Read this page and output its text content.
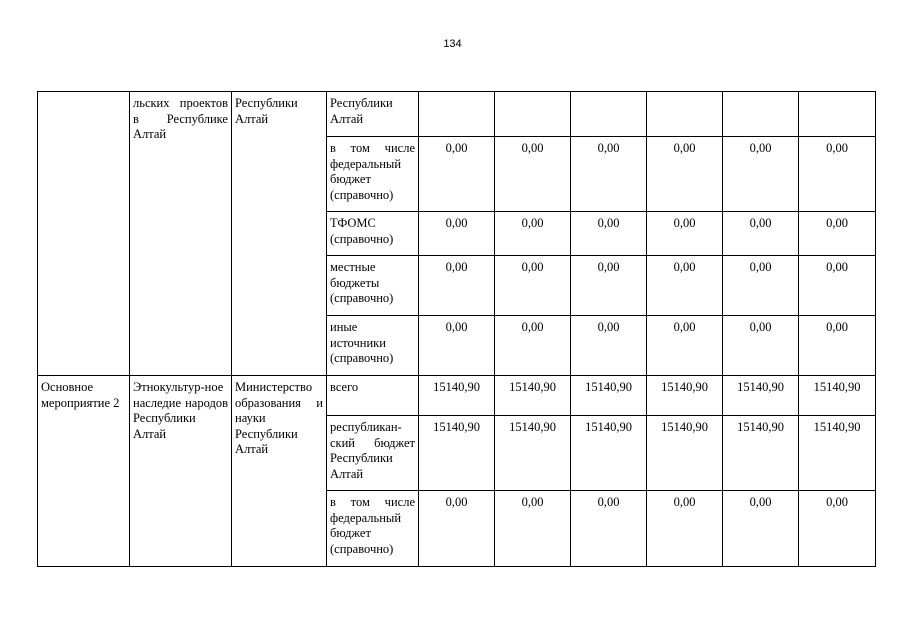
134
	льских проектов в Республике Алтай	Республики Алтай	Республики Алтай						
			в том числе федеральный бюджет (справочно)	0,00	0,00	0,00	0,00	0,00	0,00
			ТФОМС (справочно)	0,00	0,00	0,00	0,00	0,00	0,00
			местные бюджеты (справочно)	0,00	0,00	0,00	0,00	0,00	0,00
			иные источники (справочно)	0,00	0,00	0,00	0,00	0,00	0,00
Основное мероприятие 2	Этнокультур-ное наследие народов Республики Алтай	Министерство образования и науки Республики Алтай	всего	15140,90	15140,90	15140,90	15140,90	15140,90	15140,90
			республикан-ский бюджет Республики Алтай	15140,90	15140,90	15140,90	15140,90	15140,90	15140,90
			в том числе федеральный бюджет (справочно)	0,00	0,00	0,00	0,00	0,00	0,00
